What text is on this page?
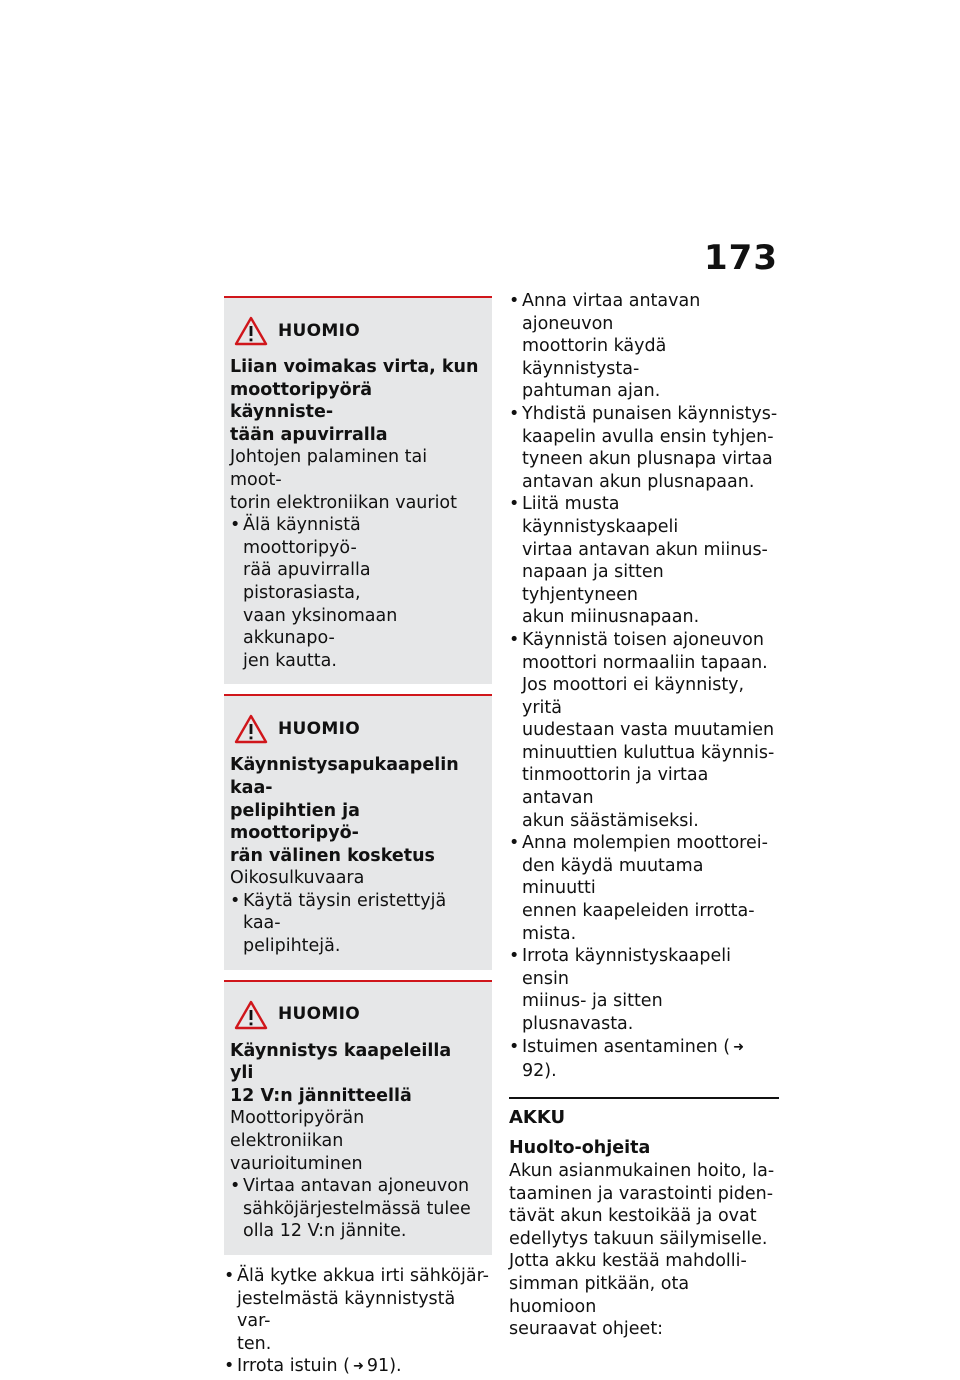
173
HUOMIO
Liian voimakas virta, kun
moottoripyörä käynniste-
tään apuvirralla
Johtojen palaminen tai moot-
torin elektroniikan vauriot
• Älä käynnistä moottoripyö-
rää apuvirralla pistorasiasta,
vaan yksinomaan akkunapo-
jen kautta.
HUOMIO
Käynnistysapukaapelin kaa-
pelipihtien ja moottoripyö-
rän välinen kosketus
Oikosulkuvaara
• Käytä täysin eristettyjä kaa-
pelipihtejä.
HUOMIO
Käynnistys kaapeleilla yli
12 V:n jännitteellä
Moottoripyörän elektroniikan
vaurioituminen
• Virtaa antavan ajoneuvon
sähköjärjestelmässä tulee
olla 12 V:n jännite.
• Älä kytke akkua irti sähköjär-
jestelmästä käynnistystä var-
ten.
• Irrota istuin ( ➜ 91).
• Anna virtaa antavan ajoneuvon
moottorin käydä käynnistysta-
pahtuman ajan.
• Yhdistä punaisen käynnistys-
kaapelin avulla ensin tyhjen-
tyneen akun plusnapa virtaa
antavan akun plusnapaan.
• Liitä musta käynnistyskaapeli
virtaa antavan akun miinus-
napaan ja sitten tyhjentyneen
akun miinusnapaan.
• Käynnistä toisen ajoneuvon
moottori normaaliin tapaan.
Jos moottori ei käynnisty, yritä
uudestaan vasta muutamien
minuuttien kuluttua käynnis-
tinmoottorin ja virtaa antavan
akun säästämiseksi.
• Anna molempien moottorei-
den käydä muutama minuutti
ennen kaapeleiden irrotta-
mista.
• Irrota käynnistyskaapeli ensin
miinus- ja sitten plusnavasta.
• Istuimen asentaminen ( ➜92).
AKKU
Huolto-ohjeita
Akun asianmukainen hoito, la-
taaminen ja varastointi piden-
tävät akun kestoikää ja ovat
edellytys takuun säilymiselle.
Jotta akku kestää mahdolli-
simman pitkään, ota huomioon
seuraavat ohjeet:
